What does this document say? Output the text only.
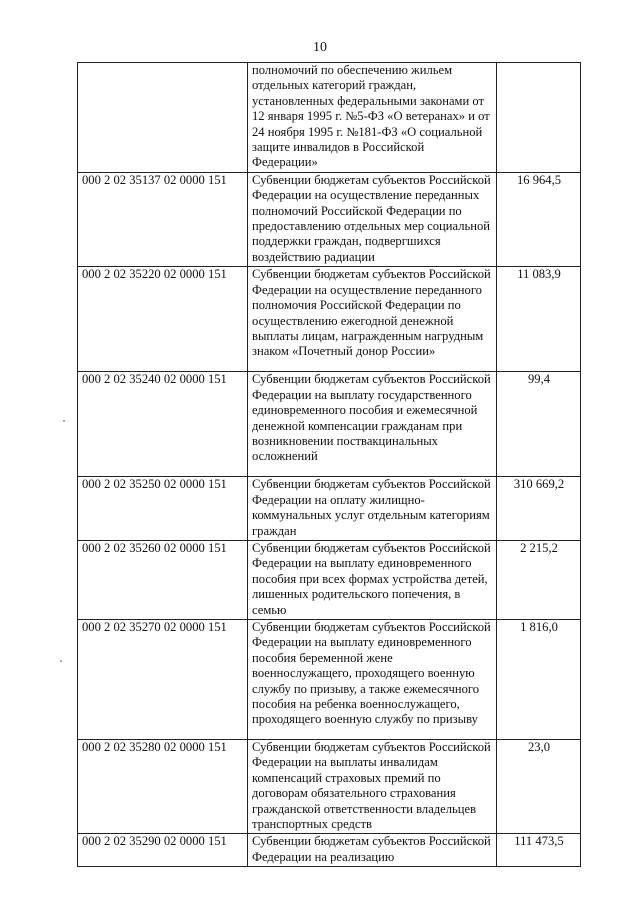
10
	полномочий по обеспечению жильем отдельных категорий граждан, установленных федеральными законами от 12 января 1995 г. №5-ФЗ «О ветеранах» и от 24 ноября 1995 г. №181-ФЗ «О социальной защите инвалидов в Российской Федерации»	
000 2 02 35137 02 0000 151	Субвенции бюджетам субъектов Российской Федерации на осуществление переданных полномочий Российской Федерации по предоставлению отдельных мер социальной поддержки граждан, подвергшихся воздействию радиации	16 964,5
000 2 02 35220 02 0000 151	Субвенции бюджетам субъектов Российской Федерации на осуществление переданного полномочия Российской Федерации по осуществлению ежегодной денежной выплаты лицам, награжденным нагрудным знаком «Почетный донор России»	11 083,9
000 2 02 35240 02 0000 151	Субвенции бюджетам субъектов Российской Федерации на выплату государственного единовременного пособия и ежемесячной денежной компенсации гражданам при возникновении поствакцинальных осложнений	99,4
000 2 02 35250 02 0000 151	Субвенции бюджетам субъектов Российской Федерации на оплату жилищно-коммунальных услуг отдельным категориям граждан	310 669,2
000 2 02 35260 02 0000 151	Субвенции бюджетам субъектов Российской Федерации на выплату единовременного пособия при всех формах устройства детей, лишенных родительского попечения, в семью	2 215,2
000 2 02 35270 02 0000 151	Субвенции бюджетам субъектов Российской Федерации на выплату единовременного пособия беременной жене военнослужащего, проходящего военную службу по призыву, а также ежемесячного пособия на ребенка военнослужащего, проходящего военную службу по призыву	1 816,0
000 2 02 35280 02 0000 151	Субвенции бюджетам субъектов Российской Федерации на выплаты инвалидам компенсаций страховых премий по договорам обязательного страхования гражданской ответственности владельцев транспортных средств	23,0
000 2 02 35290 02 0000 151	Субвенции бюджетам субъектов Российской Федерации на реализацию	111 473,5
